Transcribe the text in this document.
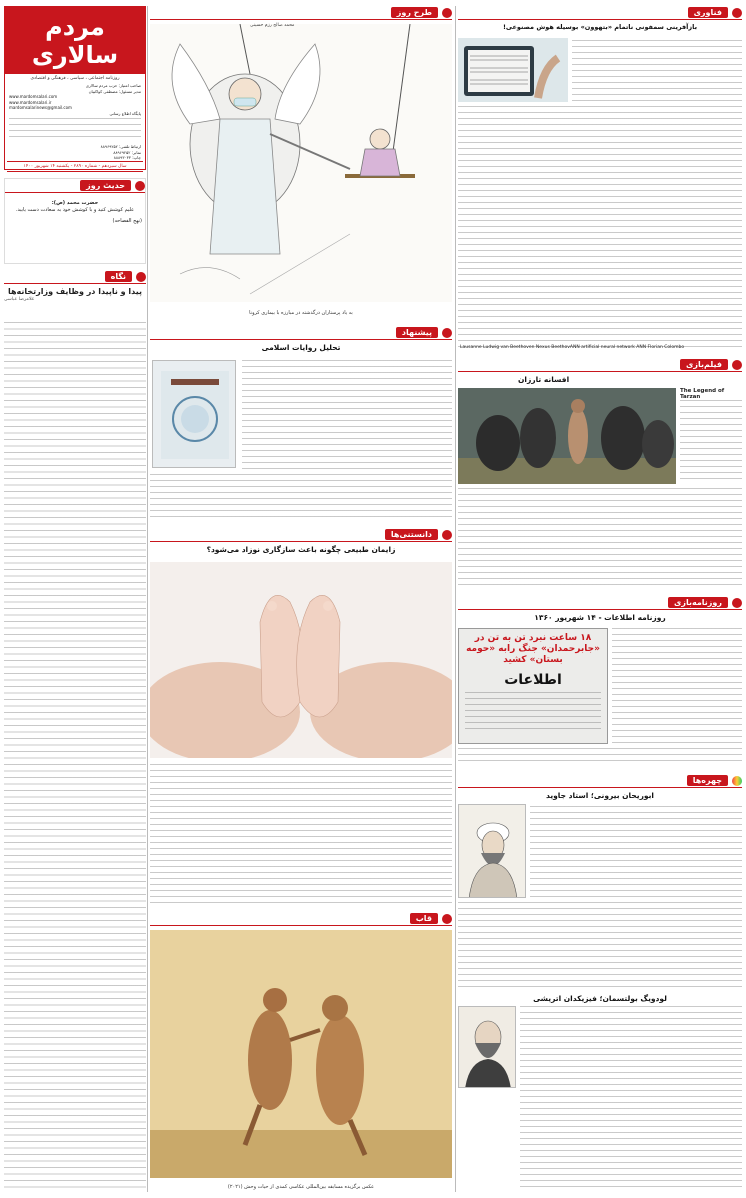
مردم سالاری
روزنامه اجتماعی ، سیاسی ، فرهنگی و اقتصادی
صاحب امتیاز: حزب مردم سالاری
مدیر مسئول: مصطفی کواکبیان
www.mardomsalari.com
www.mardomsalari.ir
mardomsalarinews@gmail.com
پایگاه اطلاع رسانی
ارتباط تلفنی: ۸۸۹۶۹۲۵۲
نمابر: ۸۸۹۶۹۲۵۲
چاپ: ۸۸۸۹۳۰۳۳
سال سیزدهم - شماره ۲۸۹۰ - یکشنبه ۱۴ شهریور ۱۴۰۰
حدیث روز
حضرت محمد (ص):
علیم کوشش کنید و با کوشش خود به سعادت دست یابید.
(نهج الفصاحه)
نگاه
پیدا و ناپیدا در وظایف وزارتخانه‌ها
غلامرضا عباسی
طرح روز
به یاد پرستاران درگذشته در مبارزه با بیماری کرونا
محمد صالح رزم حسینی
پیشنهاد
تحلیل روایات اسلامی
دانستنی‌ها
زایمان طبیعی چگونه باعث سازگاری نوزاد می‌شود؟
قاب
عکس برگزیده مسابقه بین‌المللی عکاسی کمدی از حیات وحش (۲۰۲۱)
فناوری
بازآفرینی سمفونی ناتمام «بتهوون» بوسیله هوش مصنوعی!
Lausanne Ludwig van Beethoven Nexus BeethovANN artificial neural network ANN Florian Colombo
فیلم‌بازی
افسانه تارزان
The Legend of Tarzan
روزنامه‌بازی
روزنامه اطلاعات - ۱۴ شهریور ۱۳۶۰
۱۸ ساعت نبرد تن به تن در «جابرحمدان» جنگ رابه «حومه بستان» کشید
اطلاعات
چهره‌ها
ابوریحان بیرونی؛ استاد جاوید
لودویگ بولتسمان؛ فیزیکدان اتریشی
